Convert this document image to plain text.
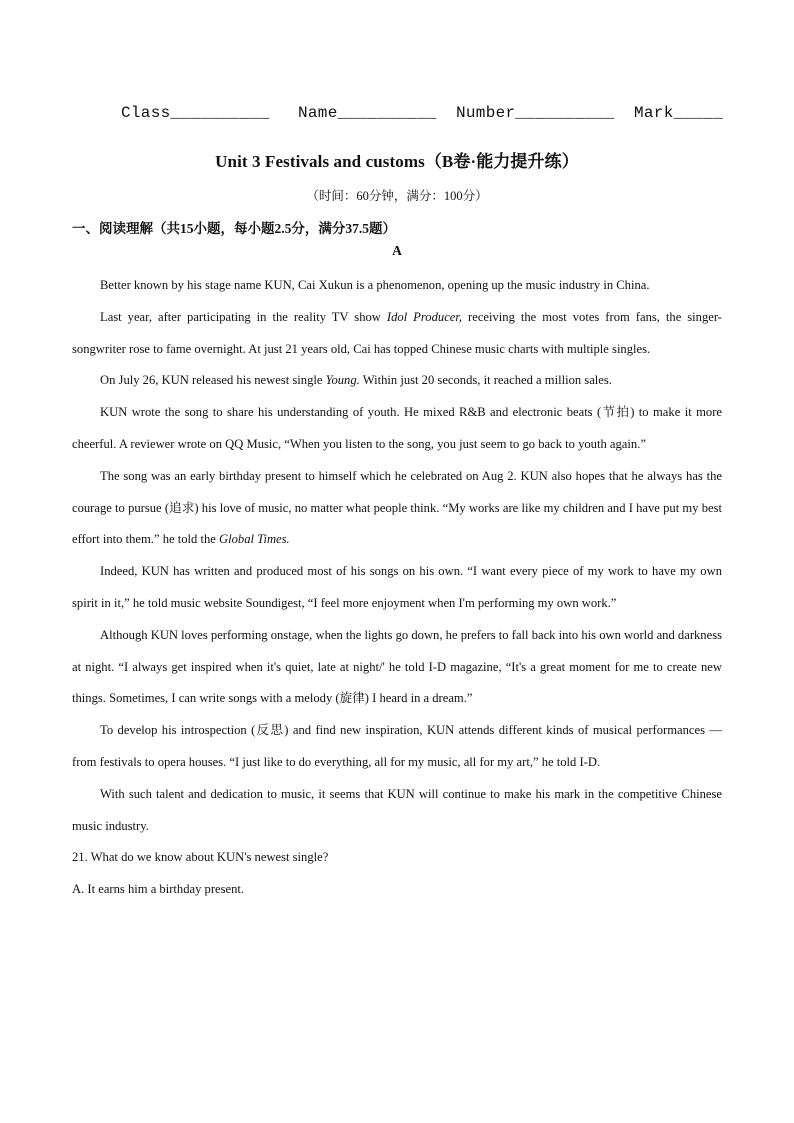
Class__________ Name__________ Number__________ Mark_____
Unit 3 Festivals and customs（B卷·能力提升练）
（时间：60分钟，满分：100分）
一、阅读理解（共15小题，每小题2.5分，满分37.5题）
A

Better known by his stage name KUN, Cai Xukun is a phenomenon, opening up the music industry in China.

Last year, after participating in the reality TV show Idol Producer, receiving the most votes from fans, the singer-songwriter rose to fame overnight. At just 21 years old, Cai has topped Chinese music charts with multiple singles.

On July 26, KUN released his newest single Young. Within just 20 seconds, it reached a million sales.

KUN wrote the song to share his understanding of youth. He mixed R&B and electronic beats (节拍) to make it more cheerful. A reviewer wrote on QQ Music, “When you listen to the song, you just seem to go back to youth again.”

The song was an early birthday present to himself which he celebrated on Aug 2. KUN also hopes that he always has the courage to pursue (追求) his love of music, no matter what people think. “My works are like my children and I have put my best effort into them.” he told the Global Times.

Indeed, KUN has written and produced most of his songs on his own. “I want every piece of my work to have my own spirit in it,” he told music website Soundigest, “I feel more enjoyment when I'm performing my own work.”

Although KUN loves performing onstage, when the lights go down, he prefers to fall back into his own world and darkness at night. “I always get inspired when it's quiet, late at night/' he told I-D magazine, “It's a great moment for me to create new things. Sometimes, I can write songs with a melody (旋律) I heard in a dream.”

To develop his introspection (反思) and find new inspiration, KUN attends different kinds of musical performances — from festivals to opera houses. “I just like to do everything, all for my music, all for my art,” he told I-D.

With such talent and dedication to music, it seems that KUN will continue to make his mark in the competitive Chinese music industry.

21. What do we know about KUN's newest single?

A. It earns him a birthday present.
